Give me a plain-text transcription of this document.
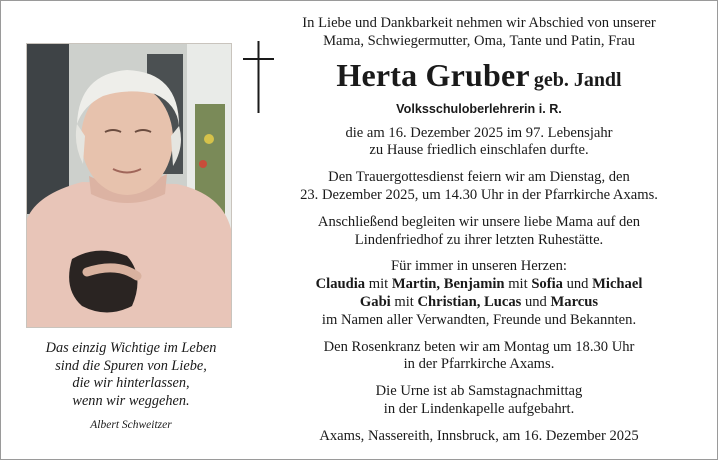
Das einzig Wichtige im Leben
sind die Spuren von Liebe,
die wir hinterlassen,
wenn wir weggehen.
Albert Schweitzer
In Liebe und Dankbarkeit nehmen wir Abschied von unserer
Mama, Schwiegermutter, Oma, Tante und Patin, Frau
Herta Gruber geb. Jandl
Volksschuloberlehrerin i. R.
die am 16. Dezember 2025 im 97. Lebensjahr
zu Hause friedlich einschlafen durfte.
Den Trauergottesdienst feiern wir am Dienstag, den
23. Dezember 2025, um 14.30 Uhr in der Pfarrkirche Axams.
Anschließend begleiten wir unsere liebe Mama auf den
Lindenfriedhof zu ihrer letzten Ruhestätte.
Für immer in unseren Herzen:
Claudia mit Martin, Benjamin mit Sofia und Michael
Gabi mit Christian, Lucas und Marcus
im Namen aller Verwandten, Freunde und Bekannten.
Den Rosenkranz beten wir am Montag um 18.30 Uhr
in der Pfarrkirche Axams.
Die Urne ist ab Samstagnachmittag
in der Lindenkapelle aufgebahrt.
Axams, Nassereith, Innsbruck, am 16. Dezember 2025
